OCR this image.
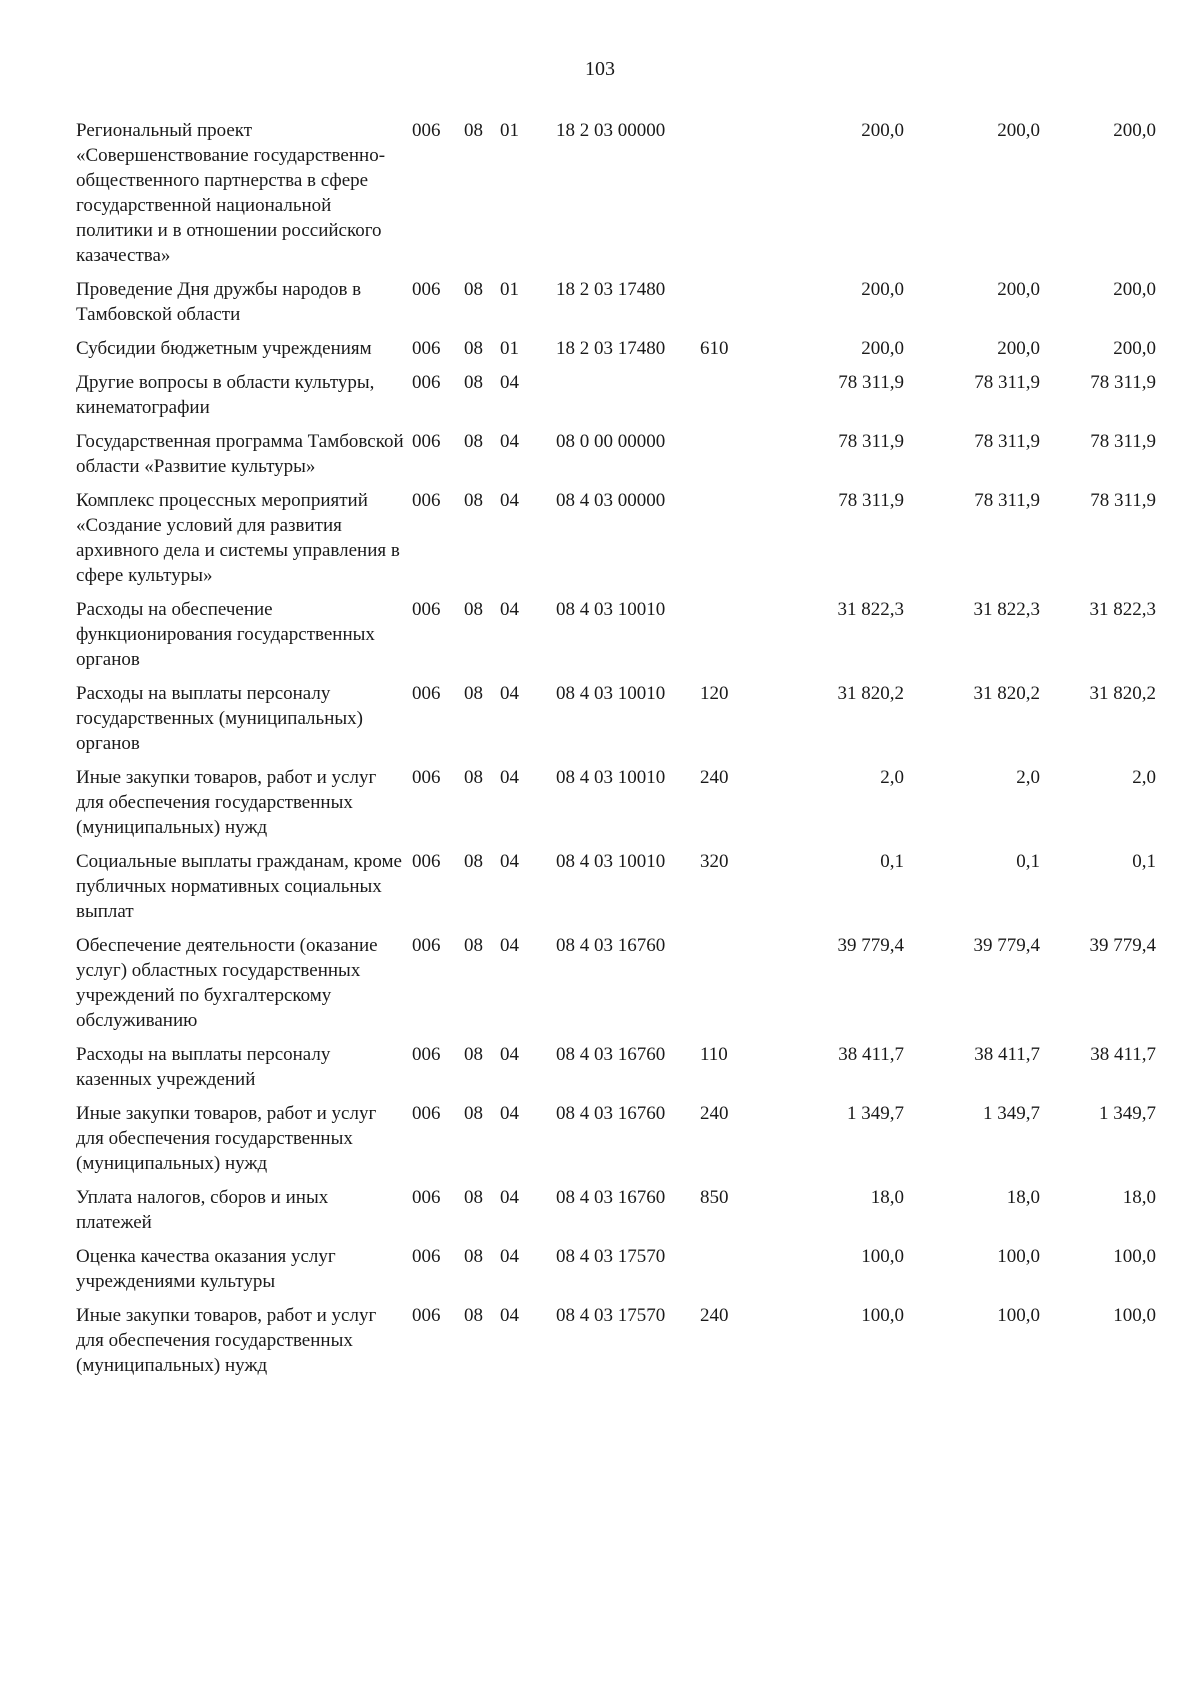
103
Региональный проект «Совершенствование государственно-общественного партнерства в сфере государственной национальной политики и в отношении российского казачества»	006	08	01	18 2 03 00000		200,0	200,0	200,0
Проведение Дня дружбы народов в Тамбовской области	006	08	01	18 2 03 17480		200,0	200,0	200,0
Субсидии бюджетным учреждениям	006	08	01	18 2 03 17480	610	200,0	200,0	200,0
Другие вопросы в области культуры, кинематографии	006	08	04			78 311,9	78 311,9	78 311,9
Государственная программа Тамбовской области «Развитие культуры»	006	08	04	08 0 00 00000		78 311,9	78 311,9	78 311,9
Комплекс процессных мероприятий «Создание условий для развития архивного дела и системы управления в сфере культуры»	006	08	04	08 4 03 00000		78 311,9	78 311,9	78 311,9
Расходы на обеспечение функционирования государственных органов	006	08	04	08 4 03 10010		31 822,3	31 822,3	31 822,3
Расходы на выплаты персоналу государственных (муниципальных) органов	006	08	04	08 4 03 10010	120	31 820,2	31 820,2	31 820,2
Иные закупки товаров, работ и услуг для обеспечения государственных (муниципальных) нужд	006	08	04	08 4 03 10010	240	2,0	2,0	2,0
Социальные выплаты гражданам, кроме публичных нормативных социальных выплат	006	08	04	08 4 03 10010	320	0,1	0,1	0,1
Обеспечение деятельности (оказание услуг) областных государственных учреждений по бухгалтерскому обслуживанию	006	08	04	08 4 03 16760		39 779,4	39 779,4	39 779,4
Расходы на выплаты персоналу казенных учреждений	006	08	04	08 4 03 16760	110	38 411,7	38 411,7	38 411,7
Иные закупки товаров, работ и услуг для обеспечения государственных (муниципальных) нужд	006	08	04	08 4 03 16760	240	1 349,7	1 349,7	1 349,7
Уплата налогов, сборов и иных платежей	006	08	04	08 4 03 16760	850	18,0	18,0	18,0
Оценка качества оказания услуг учреждениями культуры	006	08	04	08 4 03 17570		100,0	100,0	100,0
Иные закупки товаров, работ и услуг для обеспечения государственных (муниципальных) нужд	006	08	04	08 4 03 17570	240	100,0	100,0	100,0
